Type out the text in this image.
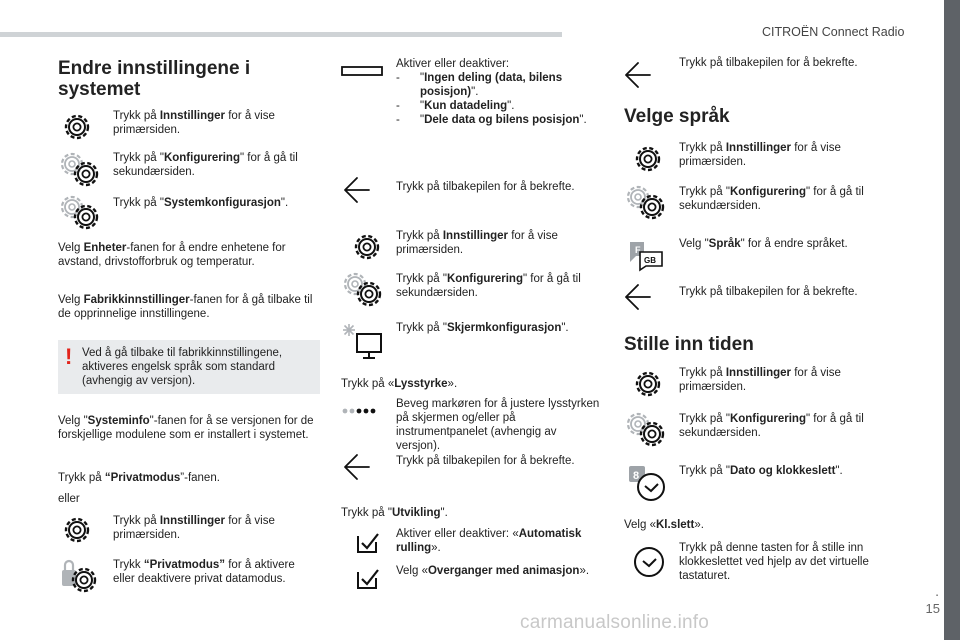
CITROËN Connect Radio
.
15
Endre innstillingene i systemet
Trykk på Innstillinger for å vise primærsiden.
Trykk på "Konfigurering" for å gå til sekundærsiden.
Trykk på "Systemkonfigurasjon".
Velg Enheter-fanen for å endre enhetene for avstand, drivstofforbruk og temperatur.
Velg Fabrikkinnstillinger-fanen for å gå tilbake til de opprinnelige innstillingene.
! Ved å gå tilbake til fabrikkinnstillingene, aktiveres engelsk språk som standard (avhengig av versjon).
Velg "Systeminfo"-fanen for å se versjonen for de forskjellige modulene som er installert i systemet.
Trykk på “Privatmodus”-fanen.
eller
Trykk på Innstillinger for å vise primærsiden.
Trykk “Privatmodus” for å aktivere eller deaktivere privat datamodus.
Aktiver eller deaktiver:
- "Ingen deling (data, bilens posisjon)".
- "Kun datadeling".
- "Dele data og bilens posisjon".
Trykk på tilbakepilen for å bekrefte.
Trykk på Innstillinger for å vise primærsiden.
Trykk på "Konfigurering" for å gå til sekundærsiden.
Trykk på "Skjermkonfigurasjon".
Trykk på «Lysstyrke».
Beveg markøren for å justere lysstyrken på skjermen og/eller på instrumentpanelet (avhengig av versjon).
Trykk på tilbakepilen for å bekrefte.
Trykk på "Utvikling".
Aktiver eller deaktiver: «Automatisk rulling».
Velg «Overganger med animasjon».
Trykk på tilbakepilen for å bekrefte.
Velge språk
Trykk på Innstillinger for å vise primærsiden.
Trykk på "Konfigurering" for å gå til sekundærsiden.
F
GB
Velg "Språk" for å endre språket.
Trykk på tilbakepilen for å bekrefte.
Stille inn tiden
Trykk på Innstillinger for å vise primærsiden.
Trykk på "Konfigurering" for å gå til sekundærsiden.
8	Trykk på "Dato og klokkeslett".
Velg «Kl.slett».
Trykk på denne tasten for å stille inn klokkeslettet ved hjelp av det virtuelle tastaturet.
carmanualsonline.info
